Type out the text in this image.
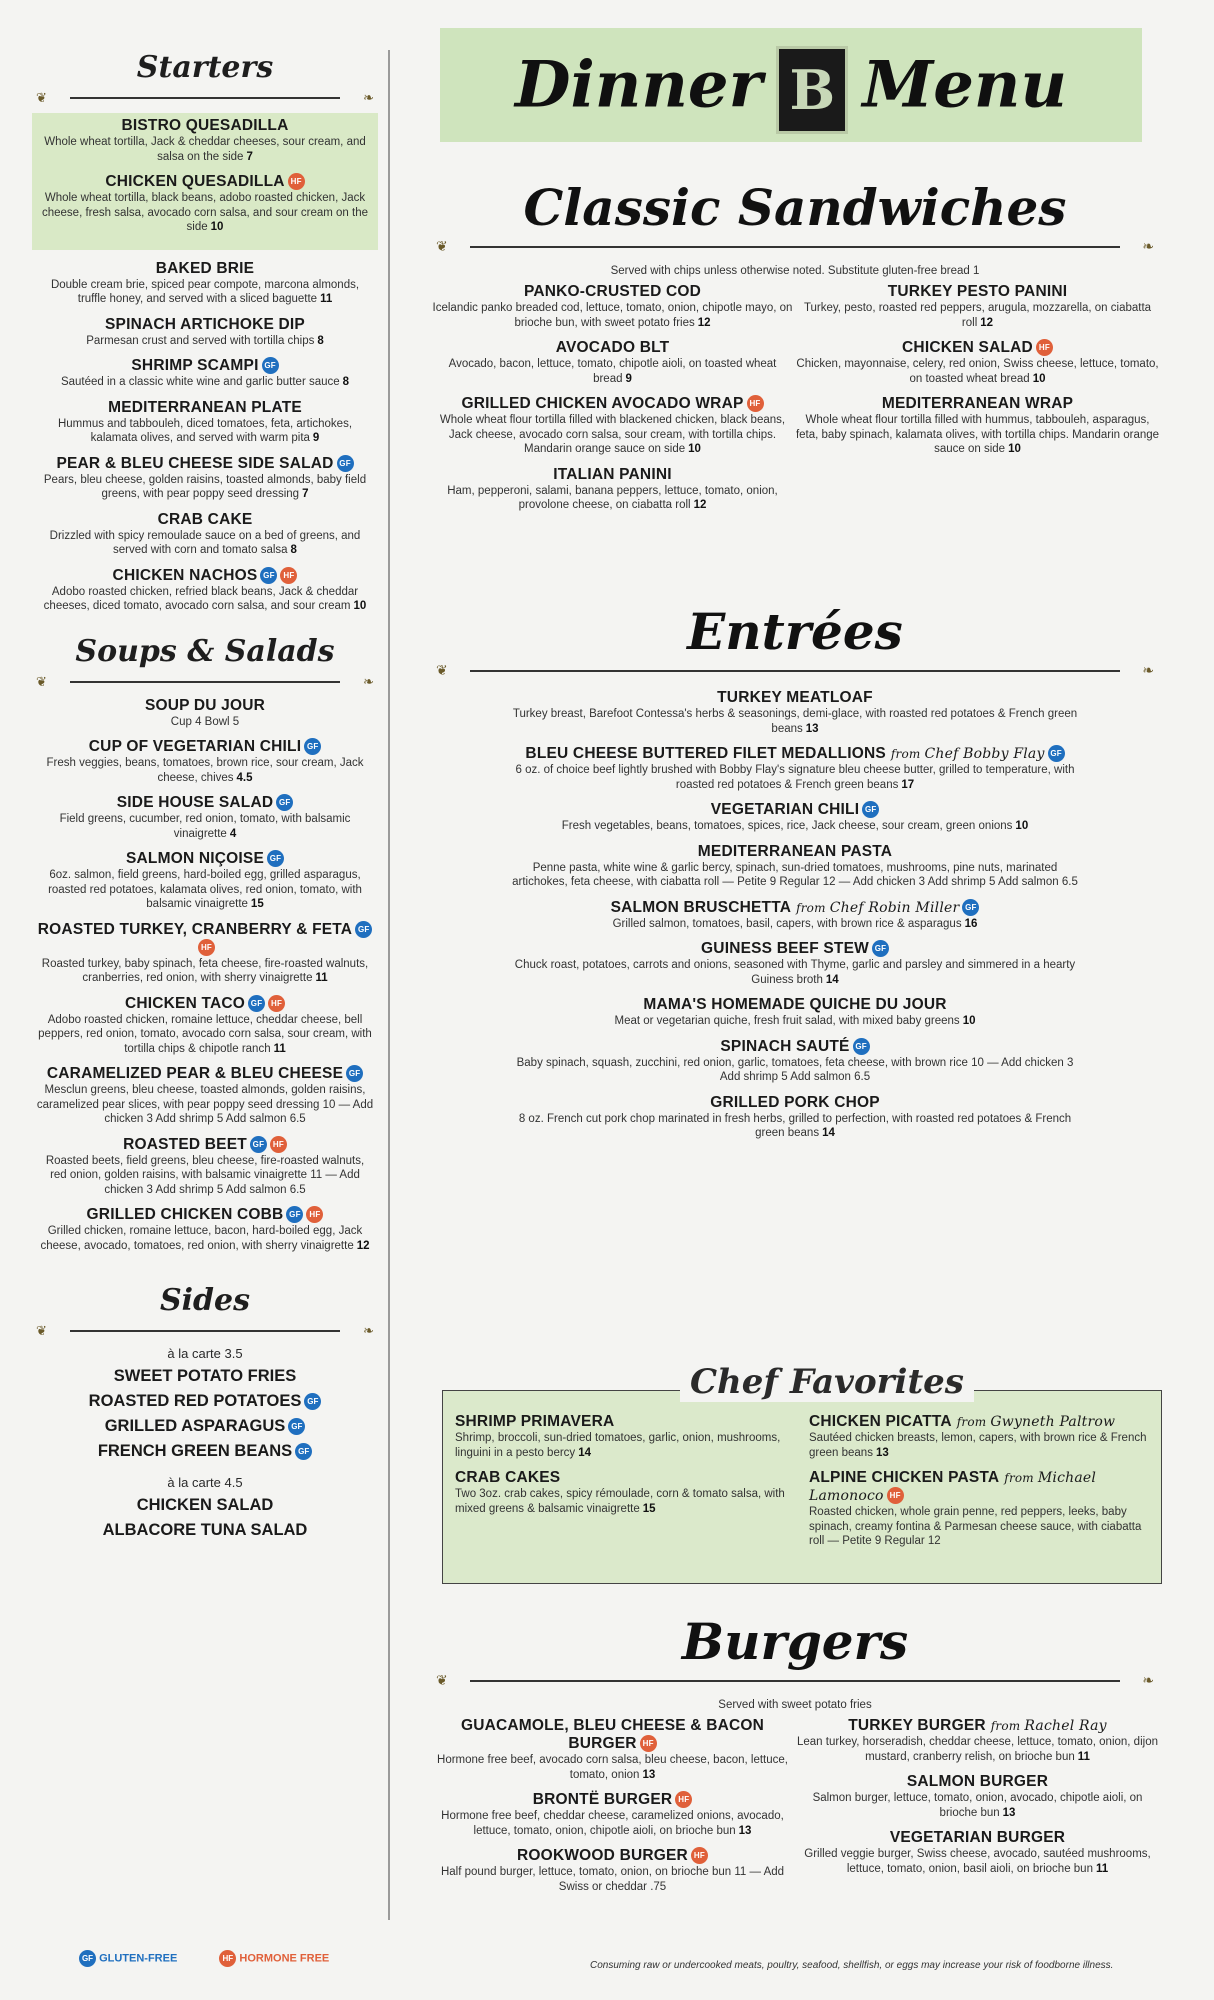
Starters
❦	❧
BISTRO QUESADILLA
Whole wheat tortilla, Jack & cheddar cheeses, sour cream, and salsa on the side 7
CHICKEN QUESADILLA HF
Whole wheat tortilla, black beans, adobo roasted chicken, Jack cheese, fresh salsa, avocado corn salsa, and sour cream on the side 10
BAKED BRIE
Double cream brie, spiced pear compote, marcona almonds, truffle honey, and served with a sliced baguette 11
SPINACH ARTICHOKE DIP
Parmesan crust and served with tortilla chips 8
SHRIMP SCAMPI GF
Sautéed in a classic white wine and garlic butter sauce 8
MEDITERRANEAN PLATE
Hummus and tabbouleh, diced tomatoes, feta, artichokes, kalamata olives, and served with warm pita 9
PEAR & BLEU CHEESE SIDE SALAD GF
Pears, bleu cheese, golden raisins, toasted almonds, baby field greens, with pear poppy seed dressing 7
CRAB CAKE
Drizzled with spicy remoulade sauce on a bed of greens, and served with corn and tomato salsa 8
CHICKEN NACHOS GF HF
Adobo roasted chicken, refried black beans, Jack & cheddar cheeses, diced tomato, avocado corn salsa, and sour cream 10
Soups & Salads
❦	❧
SOUP DU JOUR
Cup 4 Bowl 5
CUP OF VEGETARIAN CHILI GF
Fresh veggies, beans, tomatoes, brown rice, sour cream, Jack cheese, chives 4.5
SIDE HOUSE SALAD GF
Field greens, cucumber, red onion, tomato, with balsamic vinaigrette 4
SALMON NIÇOISE GF
6oz. salmon, field greens, hard-boiled egg, grilled asparagus, roasted red potatoes, kalamata olives, red onion, tomato, with balsamic vinaigrette 15
ROASTED TURKEY, CRANBERRY & FETA GFHF
Roasted turkey, baby spinach, feta cheese, fire-roasted walnuts, cranberries, red onion, with sherry vinaigrette 11
CHICKEN TACO GF HF
Adobo roasted chicken, romaine lettuce, cheddar cheese, bell peppers, red onion, tomato, avocado corn salsa, sour cream, with tortilla chips & chipotle ranch 11
CARAMELIZED PEAR & BLEU CHEESE GF
Mesclun greens, bleu cheese, toasted almonds, golden raisins, caramelized pear slices, with pear poppy seed dressing 10 — Add chicken 3 Add shrimp 5 Add salmon 6.5
ROASTED BEET GF HF
Roasted beets, field greens, bleu cheese, fire-roasted walnuts, red onion, golden raisins, with balsamic vinaigrette 11 — Add chicken 3 Add shrimp 5 Add salmon 6.5
GRILLED CHICKEN COBB GF HF
Grilled chicken, romaine lettuce, bacon, hard-boiled egg, Jack cheese, avocado, tomatoes, red onion, with sherry vinaigrette 12
Sides
❦	❧
à la carte 3.5
SWEET POTATO FRIES
ROASTED RED POTATOES GF
GRILLED ASPARAGUS GF
FRENCH GREEN BEANS GF
à la carte 4.5
CHICKEN SALAD
ALBACORE TUNA SALAD
GF GLUTEN-FREE	HF HORMONE FREE
Dinner B Menu
Classic Sandwiches
❦	❧
Served with chips unless otherwise noted. Substitute gluten-free bread 1
PANKO-CRUSTED COD
Icelandic panko breaded cod, lettuce, tomato, onion, chipotle mayo, on brioche bun, with sweet potato fries 12
AVOCADO BLT
Avocado, bacon, lettuce, tomato, chipotle aioli, on toasted wheat bread 9
GRILLED CHICKEN AVOCADO WRAP HF
Whole wheat flour tortilla filled with blackened chicken, black beans, Jack cheese, avocado corn salsa, sour cream, with tortilla chips. Mandarin orange sauce on side 10
ITALIAN PANINI
Ham, pepperoni, salami, banana peppers, lettuce, tomato, onion, provolone cheese, on ciabatta roll 12
TURKEY PESTO PANINI
Turkey, pesto, roasted red peppers, arugula, mozzarella, on ciabatta roll 12
CHICKEN SALAD HF
Chicken, mayonnaise, celery, red onion, Swiss cheese, lettuce, tomato, on toasted wheat bread 10
MEDITERRANEAN WRAP
Whole wheat flour tortilla filled with hummus, tabbouleh, asparagus, feta, baby spinach, kalamata olives, with tortilla chips. Mandarin orange sauce on side 10
Entrées
❦	❧
TURKEY MEATLOAF
Turkey breast, Barefoot Contessa's herbs & seasonings, demi-glace, with roasted red potatoes & French green beans 13
BLEU CHEESE BUTTERED FILET MEDALLIONS from Chef Bobby Flay GF
6 oz. of choice beef lightly brushed with Bobby Flay's signature bleu cheese butter, grilled to temperature, with roasted red potatoes & French green beans 17
VEGETARIAN CHILI GF
Fresh vegetables, beans, tomatoes, spices, rice, Jack cheese, sour cream, green onions 10
MEDITERRANEAN PASTA
Penne pasta, white wine & garlic bercy, spinach, sun-dried tomatoes, mushrooms, pine nuts, marinated artichokes, feta cheese, with ciabatta roll — Petite 9 Regular 12 — Add chicken 3 Add shrimp 5 Add salmon 6.5
SALMON BRUSCHETTA from Chef Robin Miller GF
Grilled salmon, tomatoes, basil, capers, with brown rice & asparagus 16
GUINESS BEEF STEW GF
Chuck roast, potatoes, carrots and onions, seasoned with Thyme, garlic and parsley and simmered in a hearty Guiness broth 14
MAMA'S HOMEMADE QUICHE DU JOUR
Meat or vegetarian quiche, fresh fruit salad, with mixed baby greens 10
SPINACH SAUTÉ GF
Baby spinach, squash, zucchini, red onion, garlic, tomatoes, feta cheese, with brown rice 10 — Add chicken 3 Add shrimp 5 Add salmon 6.5
GRILLED PORK CHOP
8 oz. French cut pork chop marinated in fresh herbs, grilled to perfection, with roasted red potatoes & French green beans 14
SHRIMP PRIMAVERA
Shrimp, broccoli, sun-dried tomatoes, garlic, onion, mushrooms, linguini in a pesto bercy 14
CRAB CAKES
Two 3oz. crab cakes, spicy rémoulade, corn & tomato salsa, with mixed greens & balsamic vinaigrette 15
CHICKEN PICATTA from Gwyneth Paltrow
Sautéed chicken breasts, lemon, capers, with brown rice & French green beans 13
ALPINE CHICKEN PASTA from Michael Lamonoco HF
Roasted chicken, whole grain penne, red peppers, leeks, baby spinach, creamy fontina & Parmesan cheese sauce, with ciabatta roll — Petite 9 Regular 12
Chef Favorites
Burgers
❦	❧
Served with sweet potato fries
GUACAMOLE, BLEU CHEESE & BACON BURGER HF
Hormone free beef, avocado corn salsa, bleu cheese, bacon, lettuce, tomato, onion 13
BRONTË BURGER HF
Hormone free beef, cheddar cheese, caramelized onions, avocado, lettuce, tomato, onion, chipotle aioli, on brioche bun 13
ROOKWOOD BURGER HF
Half pound burger, lettuce, tomato, onion, on brioche bun 11 — Add Swiss or cheddar .75
TURKEY BURGER from Rachel Ray
Lean turkey, horseradish, cheddar cheese, lettuce, tomato, onion, dijon mustard, cranberry relish, on brioche bun 11
SALMON BURGER
Salmon burger, lettuce, tomato, onion, avocado, chipotle aioli, on brioche bun 13
VEGETARIAN BURGER
Grilled veggie burger, Swiss cheese, avocado, sautéed mushrooms, lettuce, tomato, onion, basil aioli, on brioche bun 11
Consuming raw or undercooked meats, poultry, seafood, shellfish, or eggs may increase your risk of foodborne illness.
